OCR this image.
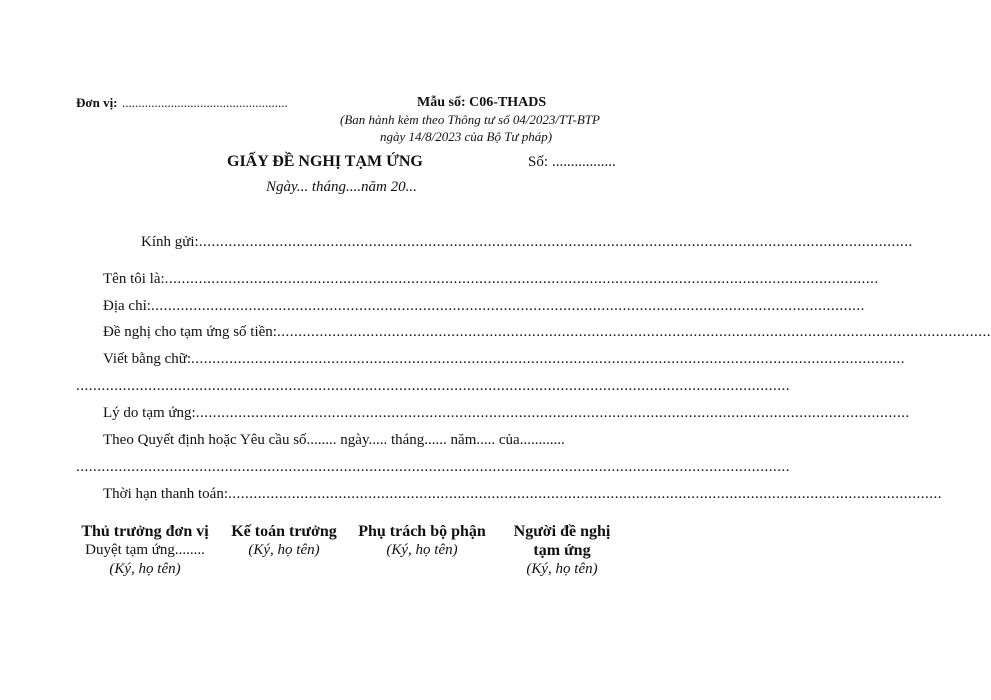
Đơn vị: ...................................................	Mẫu số: C06-THADS
(Ban hành kèm theo Thông tư số 04/2023/TT-BTP
ngày 14/8/2023 của Bộ Tư pháp)
GIẤY ĐỀ NGHỊ TẠM ỨNG	Số: .................
Ngày... tháng....năm 20...
Kính gửi: ........................................................................................................................................................................
Tên tôi là: ........................................................................................................................................................................
Địa chỉ: ........................................................................................................................................................................
Đề nghị cho tạm ứng số tiền: ........................................................................................................................................................................
Viết bằng chữ: ........................................................................................................................................................................
........................................................................................................................................................................
Lý do tạm ứng: ........................................................................................................................................................................
Theo Quyết định hoặc Yêu cầu số........ ngày..... tháng...... năm..... của............
........................................................................................................................................................................
Thời hạn thanh toán: ........................................................................................................................................................................
Thủ trưởng đơn vị
Duyệt tạm ứng........
(Ký, họ tên)
Kế toán trưởng
(Ký, họ tên)
Phụ trách bộ phận
(Ký, họ tên)
Người đề nghị
tạm ứng
(Ký, họ tên)
